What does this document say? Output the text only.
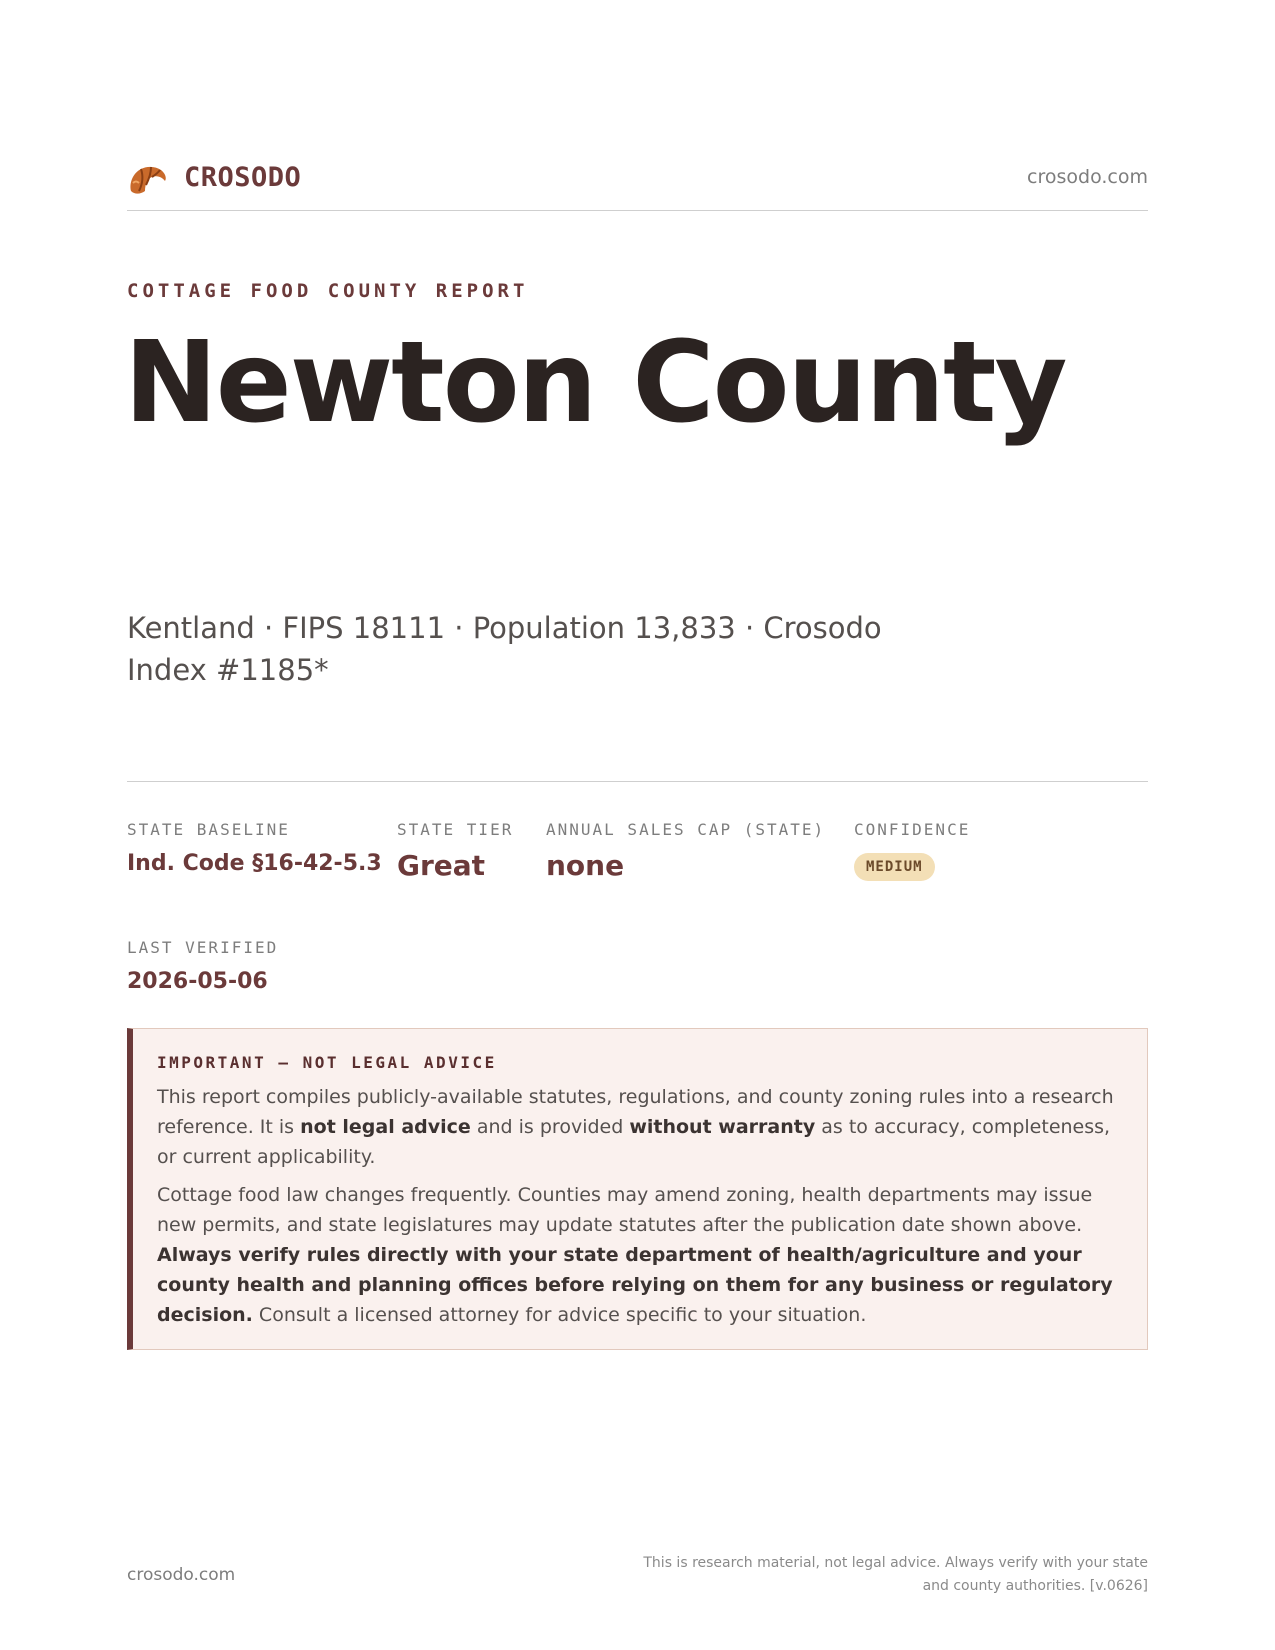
CROSODO	crosodo.com
COTTAGE FOOD COUNTY REPORT
Newton County
Kentland · FIPS 18111 · Population 13,833 · Crosodo Index #1185*
STATE BASELINE
Ind. Code §16-42-5.3
STATE TIER
Great
ANNUAL SALES CAP (STATE)
none
CONFIDENCE
MEDIUM
LAST VERIFIED
2026-05-06
IMPORTANT — NOT LEGAL ADVICE

This report compiles publicly-available statutes, regulations, and county zoning rules into a research reference. It is not legal advice and is provided without warranty as to accuracy, completeness, or current applicability.

Cottage food law changes frequently. Counties may amend zoning, health departments may issue new permits, and state legislatures may update statutes after the publication date shown above. Always verify rules directly with your state department of health/agriculture and your county health and planning offices before relying on them for any business or regulatory decision. Consult a licensed attorney for advice specific to your situation.

crosodo.com
This is research material, not legal advice. Always verify with your state
and county authorities. [v.0626]
